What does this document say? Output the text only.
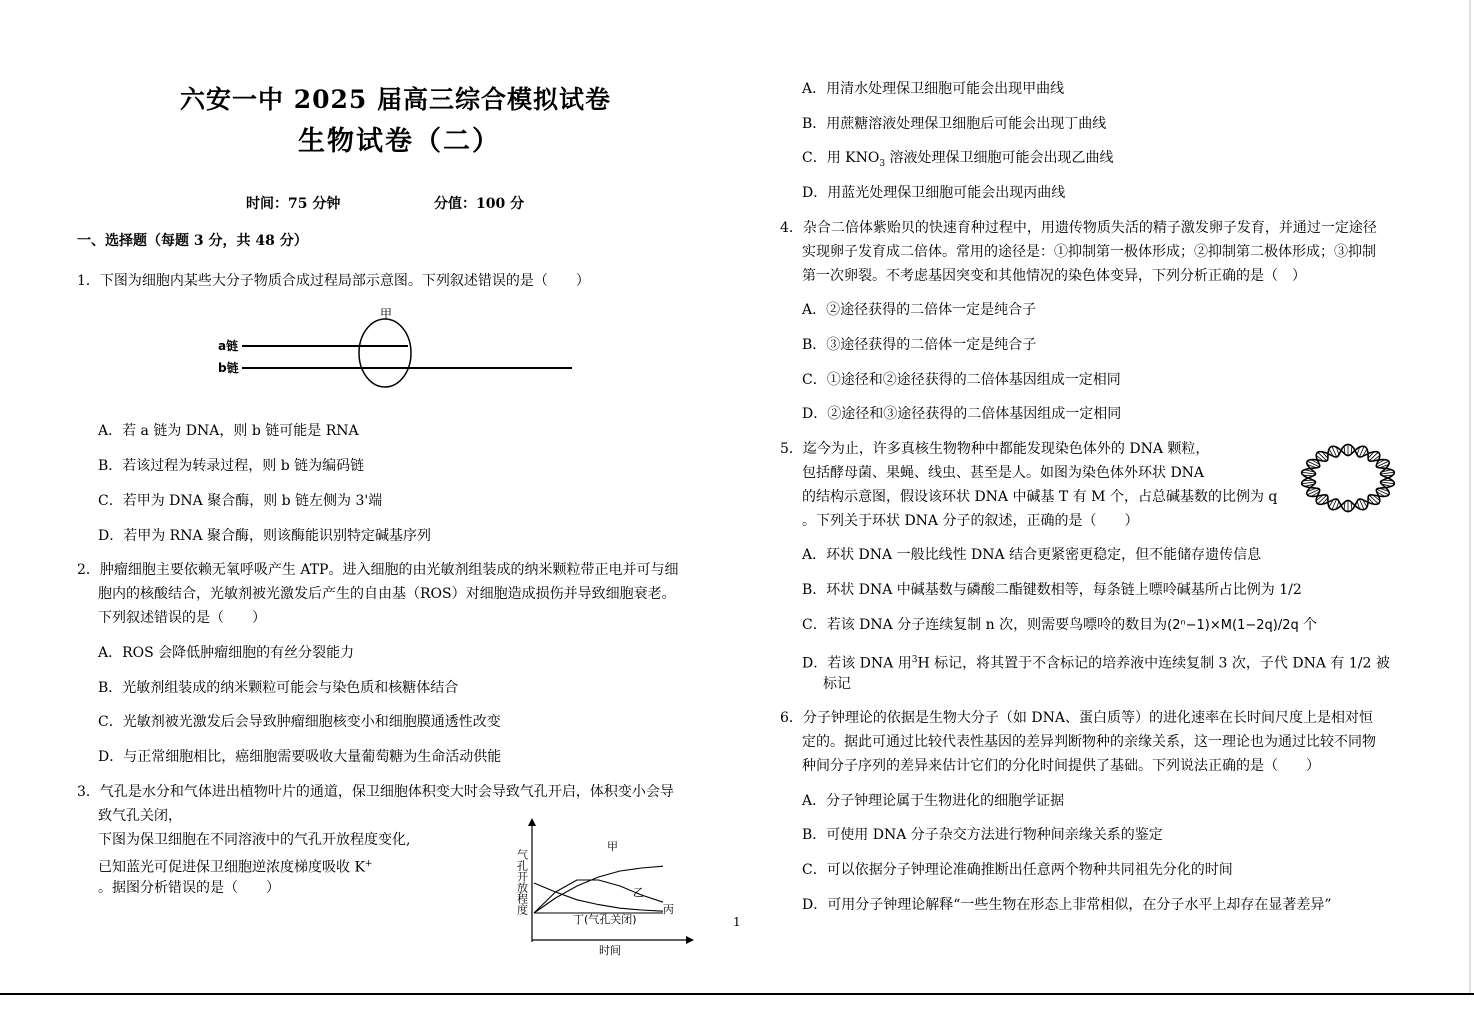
六安一中 2025 届高三综合模拟试卷
生物试卷（二）
时间：75 分钟	分值：100 分
一、选择题（每题 3 分，共 48 分）
1．下图为细胞内某些大分子物质合成过程局部示意图。下列叙述错误的是（　　）
甲
a链
b链
A．若 a 链为 DNA，则 b 链可能是 RNA
B．若该过程为转录过程，则 b 链为编码链
C．若甲为 DNA 聚合酶，则 b 链左侧为 3'端
D．若甲为 RNA 聚合酶，则该酶能识别特定碱基序列
2．肿瘤细胞主要依赖无氧呼吸产生 ATP。进入细胞的由光敏剂组装成的纳米颗粒带正电并可与细
胞内的核酸结合，光敏剂被光激发后产生的自由基（ROS）对细胞造成损伤并导致细胞衰老。
下列叙述错误的是（　　）
A．ROS 会降低肿瘤细胞的有丝分裂能力
B．光敏剂组装成的纳米颗粒可能会与染色质和核糖体结合
C．光敏剂被光激发后会导致肿瘤细胞核变小和细胞膜通透性改变
D．与正常细胞相比，癌细胞需要吸收大量葡萄糖为生命活动供能
3．气孔是水分和气体进出植物叶片的通道，保卫细胞体积变大时会导致气孔开启，体积变小会导
致气孔关闭，
下图为保卫细胞在不同溶液中的气孔开放程度变化,
已知蓝光可促进保卫细胞逆浓度梯度吸收 K+
。据图分析错误的是（　　）	气孔开放程度
时间
甲
乙
丙
丁(气孔关闭)	1
A．用清水处理保卫细胞可能会出现甲曲线
B．用蔗糖溶液处理保卫细胞后可能会出现丁曲线
C．用 $KNO_3$ 溶液处理保卫细胞可能会出现乙曲线
D．用蓝光处理保卫细胞可能会出现丙曲线
4．杂合二倍体紫贻贝的快速育种过程中，用遗传物质失活的精子激发卵子发育，并通过一定途径
实现卵子发育成二倍体。常用的途径是：①抑制第一极体形成；②抑制第二极体形成；③抑制
第一次卵裂。不考虑基因突变和其他情况的染色体变异，下列分析正确的是（　）
A．②途径获得的二倍体一定是纯合子
B．③途径获得的二倍体一定是纯合子
C．①途径和②途径获得的二倍体基因组成一定相同
D．②途径和③途径获得的二倍体基因组成一定相同
5．迄今为止，许多真核生物物种中都能发现染色体外的 DNA 颗粒，
包括酵母菌、果蝇、线虫、甚至是人。如图为染色体外环状 DNA
的结构示意图，假设该环状 DNA 中碱基 T 有 M 个，占总碱基数的比例为 q
。下列关于环状 DNA 分子的叙述，正确的是（　　）
A．环状 DNA 一般比线性 DNA 结合更紧密更稳定，但不能储存遗传信息
B．环状 DNA 中碱基数与磷酸二酯键数相等，每条链上嘌呤碱基所占比例为 1/2
C．若该 DNA 分子连续复制 n 次，则需要鸟嘌呤的数目为(2ⁿ−1)×M(1−2q)/2q 个
D．若该 DNA 用$^3$H 标记，将其置于不含标记的培养液中连续复制 3 次，子代 DNA 有 1/2 被
标记
6．分子钟理论的依据是生物大分子（如 DNA、蛋白质等）的进化速率在长时间尺度上是相对恒
定的。据此可通过比较代表性基因的差异判断物种的亲缘关系，这一理论也为通过比较不同物
种间分子序列的差异来估计它们的分化时间提供了基础。下列说法正确的是（　　）
A．分子钟理论属于生物进化的细胞学证据
B．可使用 DNA 分子杂交方法进行物种间亲缘关系的鉴定
C．可以依据分子钟理论准确推断出任意两个物种共同祖先分化的时间
D．可用分子钟理论解释“一些生物在形态上非常相似，在分子水平上却存在显著差异”
